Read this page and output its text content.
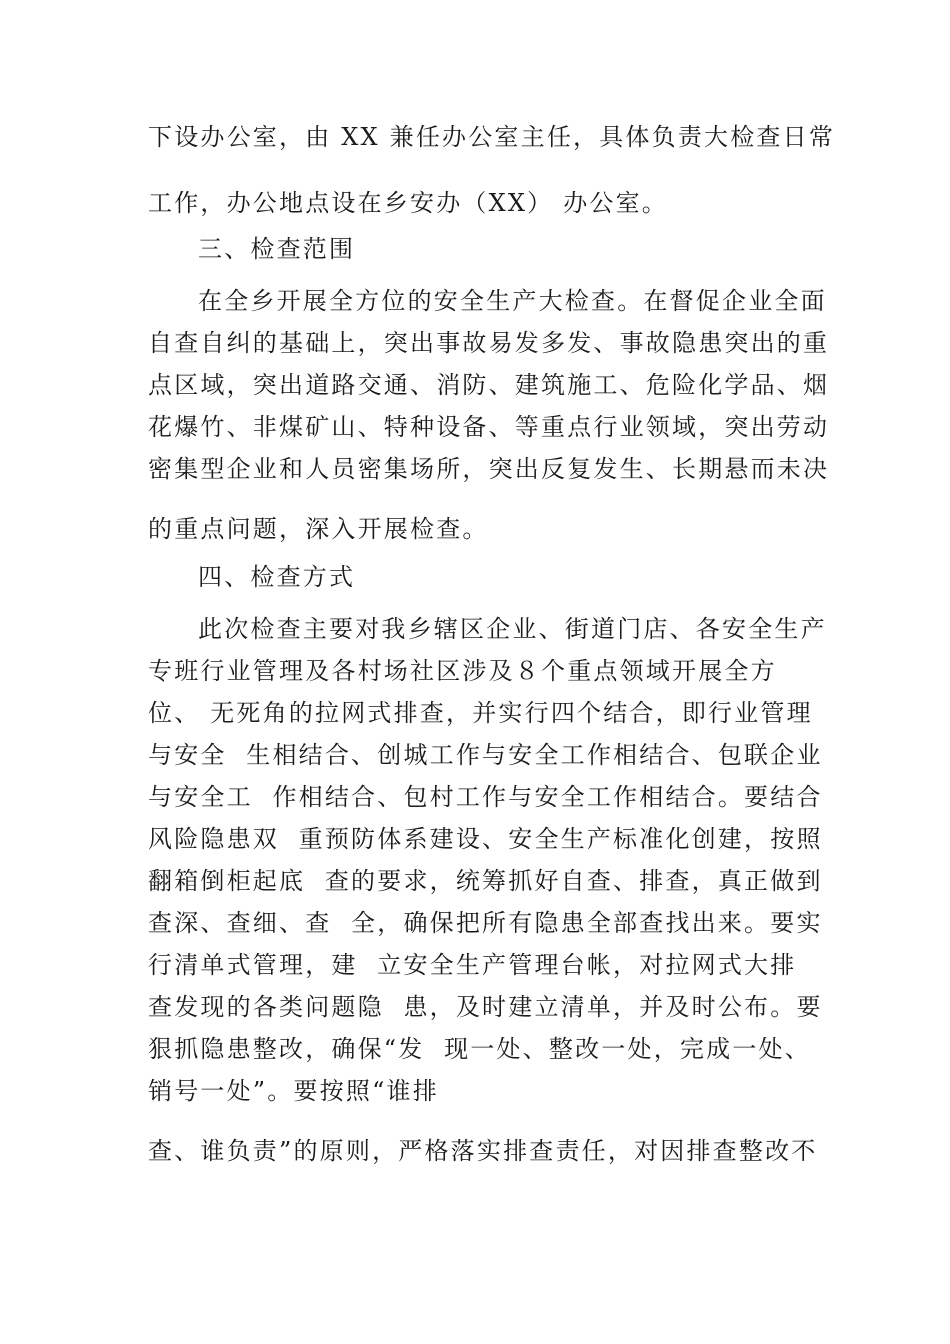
下设办公室，由 XX 兼任办公室主任，具体负责大检查日常
工作，办公地点设在乡安办（XX） 办公室。
三、检查范围
在全乡开展全方位的安全生产大检查。在督促企业全面
自查自纠的基础上，突出事故易发多发、事故隐患突出的重
点区域，突出道路交通、消防、建筑施工、危险化学品、烟
花爆竹、非煤矿山、特种设备、等重点行业领域，突出劳动
密集型企业和人员密集场所，突出反复发生、长期悬而未决
的重点问题，深入开展检查。
四、检查方式
此次检查主要对我乡辖区企业、街道门店、各安全生产
专班行业管理及各村场社区涉及８个重点领域开展全方
位、 无死角的拉网式排查，并实行四个结合，即行业管理
与安全  生相结合、创城工作与安全工作相结合、包联企业
与安全工  作相结合、包村工作与安全工作相结合。要结合
风险隐患双  重预防体系建设、安全生产标准化创建，按照
翻箱倒柜起底  查的要求，统筹抓好自查、排查，真正做到
查深、查细、查  全，确保把所有隐患全部查找出来。要实
行清单式管理，建  立安全生产管理台帐，对拉网式大排
查发现的各类问题隐  患，及时建立清单，并及时公布。要
狠抓隐患整改，确保“发  现一处、整改一处，完成一处、
销号一处”。要按照“谁排
查、谁负责”的原则，严格落实排查责任，对因排查整改不
